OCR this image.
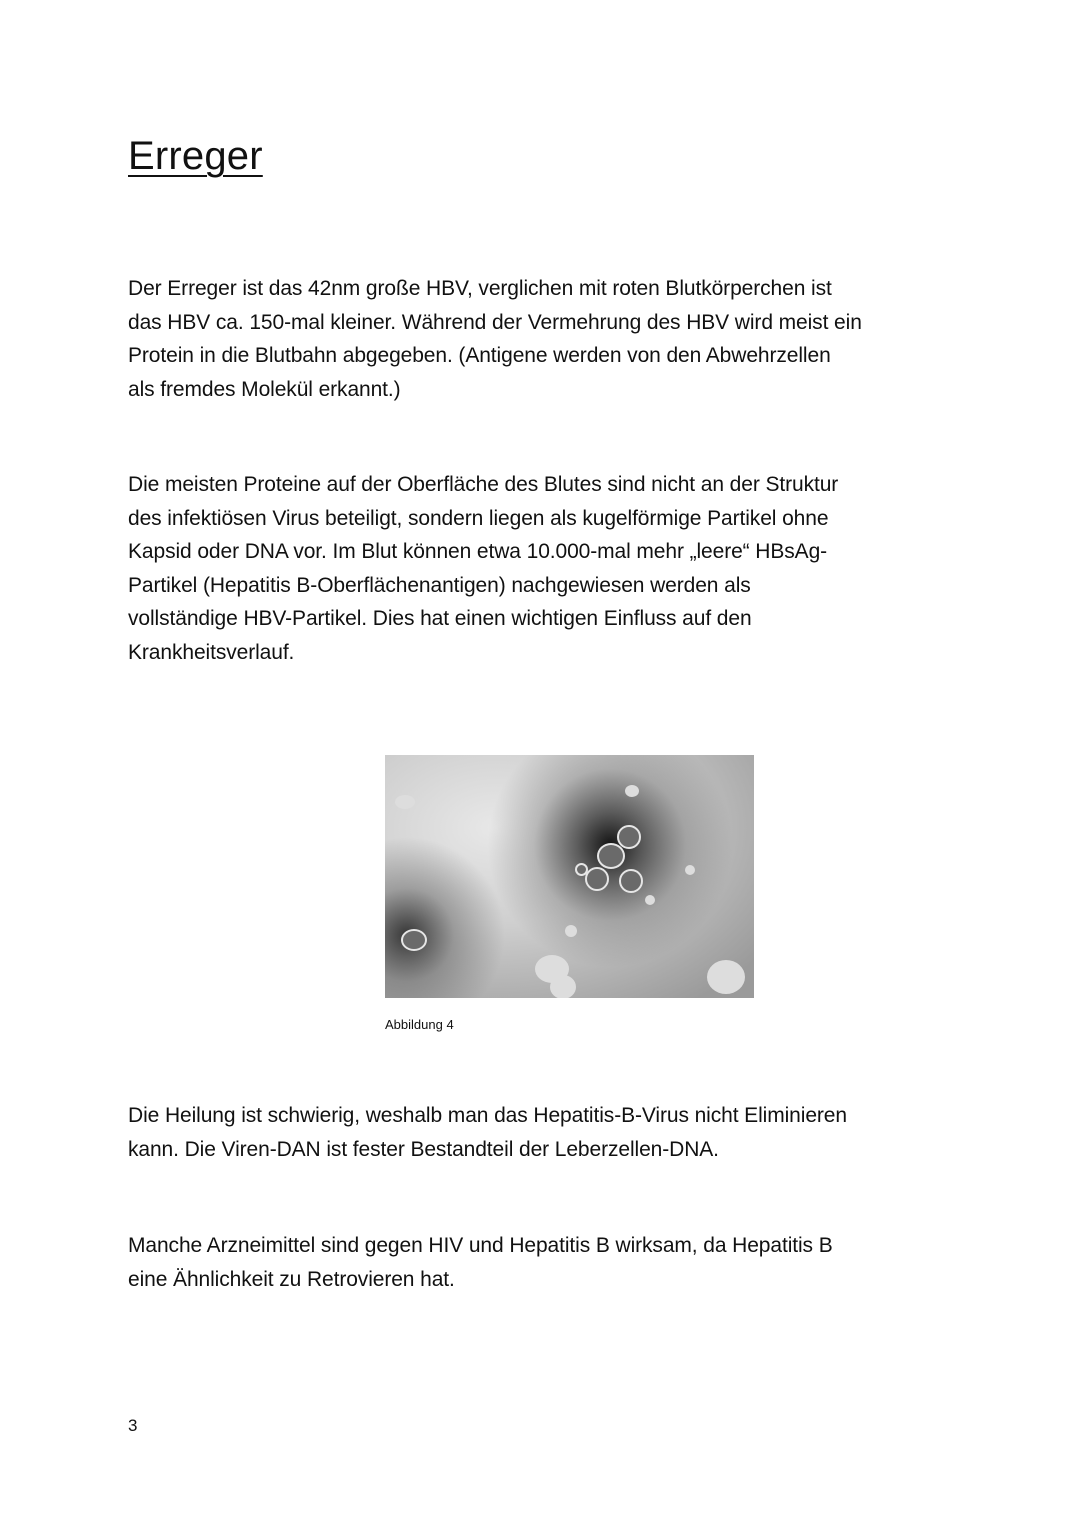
Erreger
Der Erreger ist das 42nm große HBV, verglichen mit roten Blutkörperchen ist
das HBV ca. 150-mal kleiner. Während der Vermehrung des HBV wird meist ein
Protein in die Blutbahn abgegeben. (Antigene werden von den Abwehrzellen
als fremdes Molekül erkannt.)
Die meisten Proteine auf der Oberfläche des Blutes sind nicht an der Struktur
des infektiösen Virus beteiligt, sondern liegen als kugelförmige Partikel ohne
Kapsid oder DNA vor. Im Blut können etwa 10.000-mal mehr „leere“ HBsAg-
Partikel (Hepatitis B-Oberflächenantigen) nachgewiesen werden als
vollständige HBV-Partikel. Dies hat einen wichtigen Einfluss auf den
Krankheitsverlauf.
Abbildung 4
Die Heilung ist schwierig, weshalb man das Hepatitis-B-Virus nicht Eliminieren
kann. Die Viren-DAN ist fester Bestandteil der Leberzellen-DNA.
Manche Arzneimittel sind gegen HIV und Hepatitis B wirksam, da Hepatitis B
eine Ähnlichkeit zu Retrovieren hat.
3
